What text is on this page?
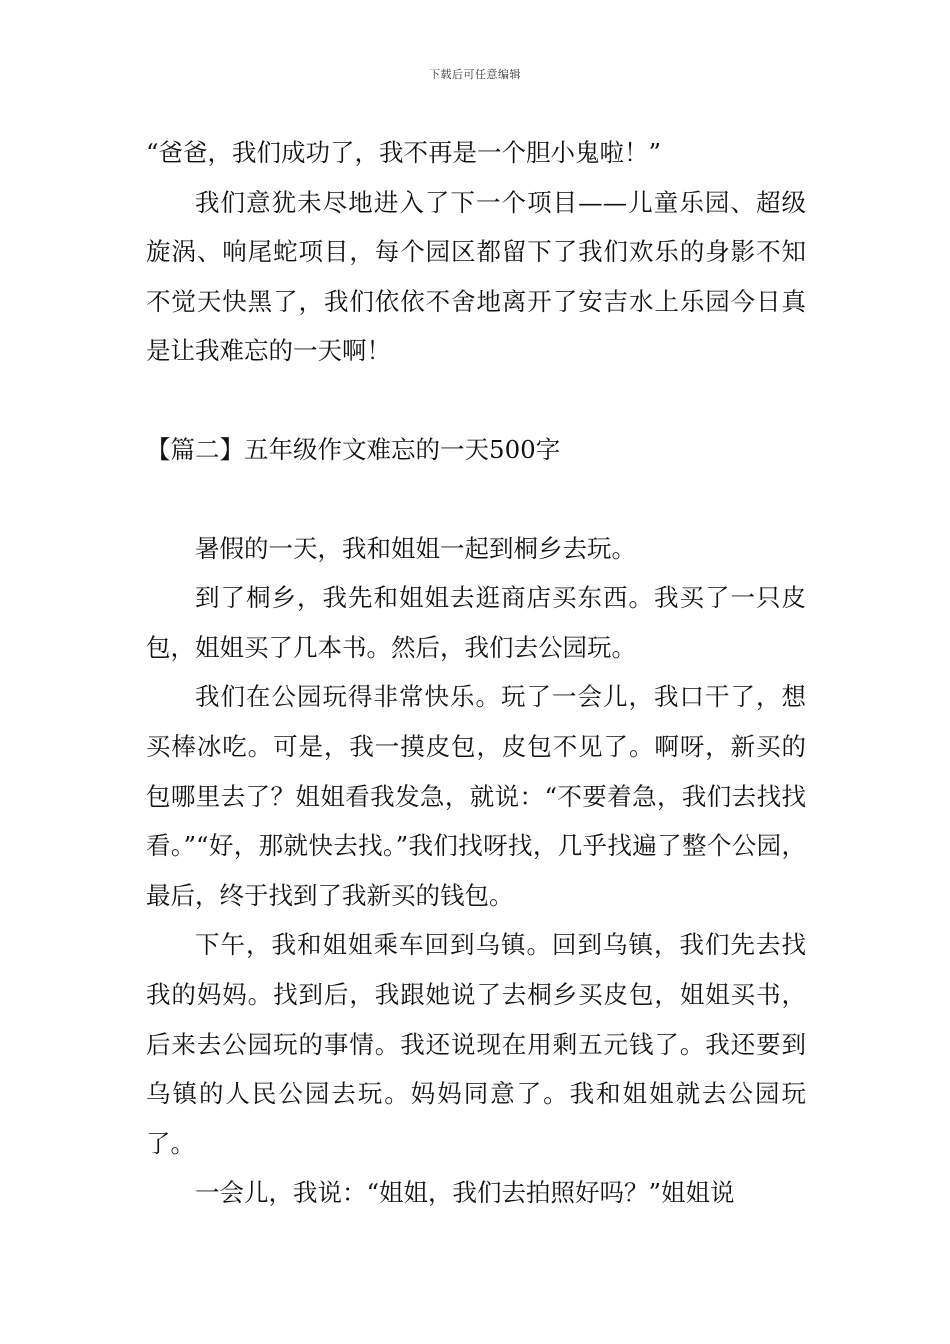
下载后可任意编辑

“爸爸，我们成功了，我不再是一个胆小鬼啦！”

我们意犹未尽地进入了下一个项目——儿童乐园、超级旋涡、响尾蛇项目，每个园区都留下了我们欢乐的身影不知不觉天快黑了，我们依依不舍地离开了安吉水上乐园今日真是让我难忘的一天啊！

【篇二】五年级作文难忘的一天500字

暑假的一天，我和姐姐一起到桐乡去玩。

到了桐乡，我先和姐姐去逛商店买东西。我买了一只皮包，姐姐买了几本书。然后，我们去公园玩。

我们在公园玩得非常快乐。玩了一会儿，我口干了，想买棒冰吃。可是，我一摸皮包，皮包不见了。啊呀，新买的包哪里去了？姐姐看我发急，就说：“不要着急，我们去找找看。”“好，那就快去找。”我们找呀找，几乎找遍了整个公园，最后，终于找到了我新买的钱包。

下午，我和姐姐乘车回到乌镇。回到乌镇，我们先去找我的妈妈。找到后，我跟她说了去桐乡买皮包，姐姐买书，后来去公园玩的事情。我还说现在用剩五元钱了。我还要到乌镇的人民公园去玩。妈妈同意了。我和姐姐就去公园玩了。

一会儿，我说：“姐姐，我们去拍照好吗？”姐姐说
